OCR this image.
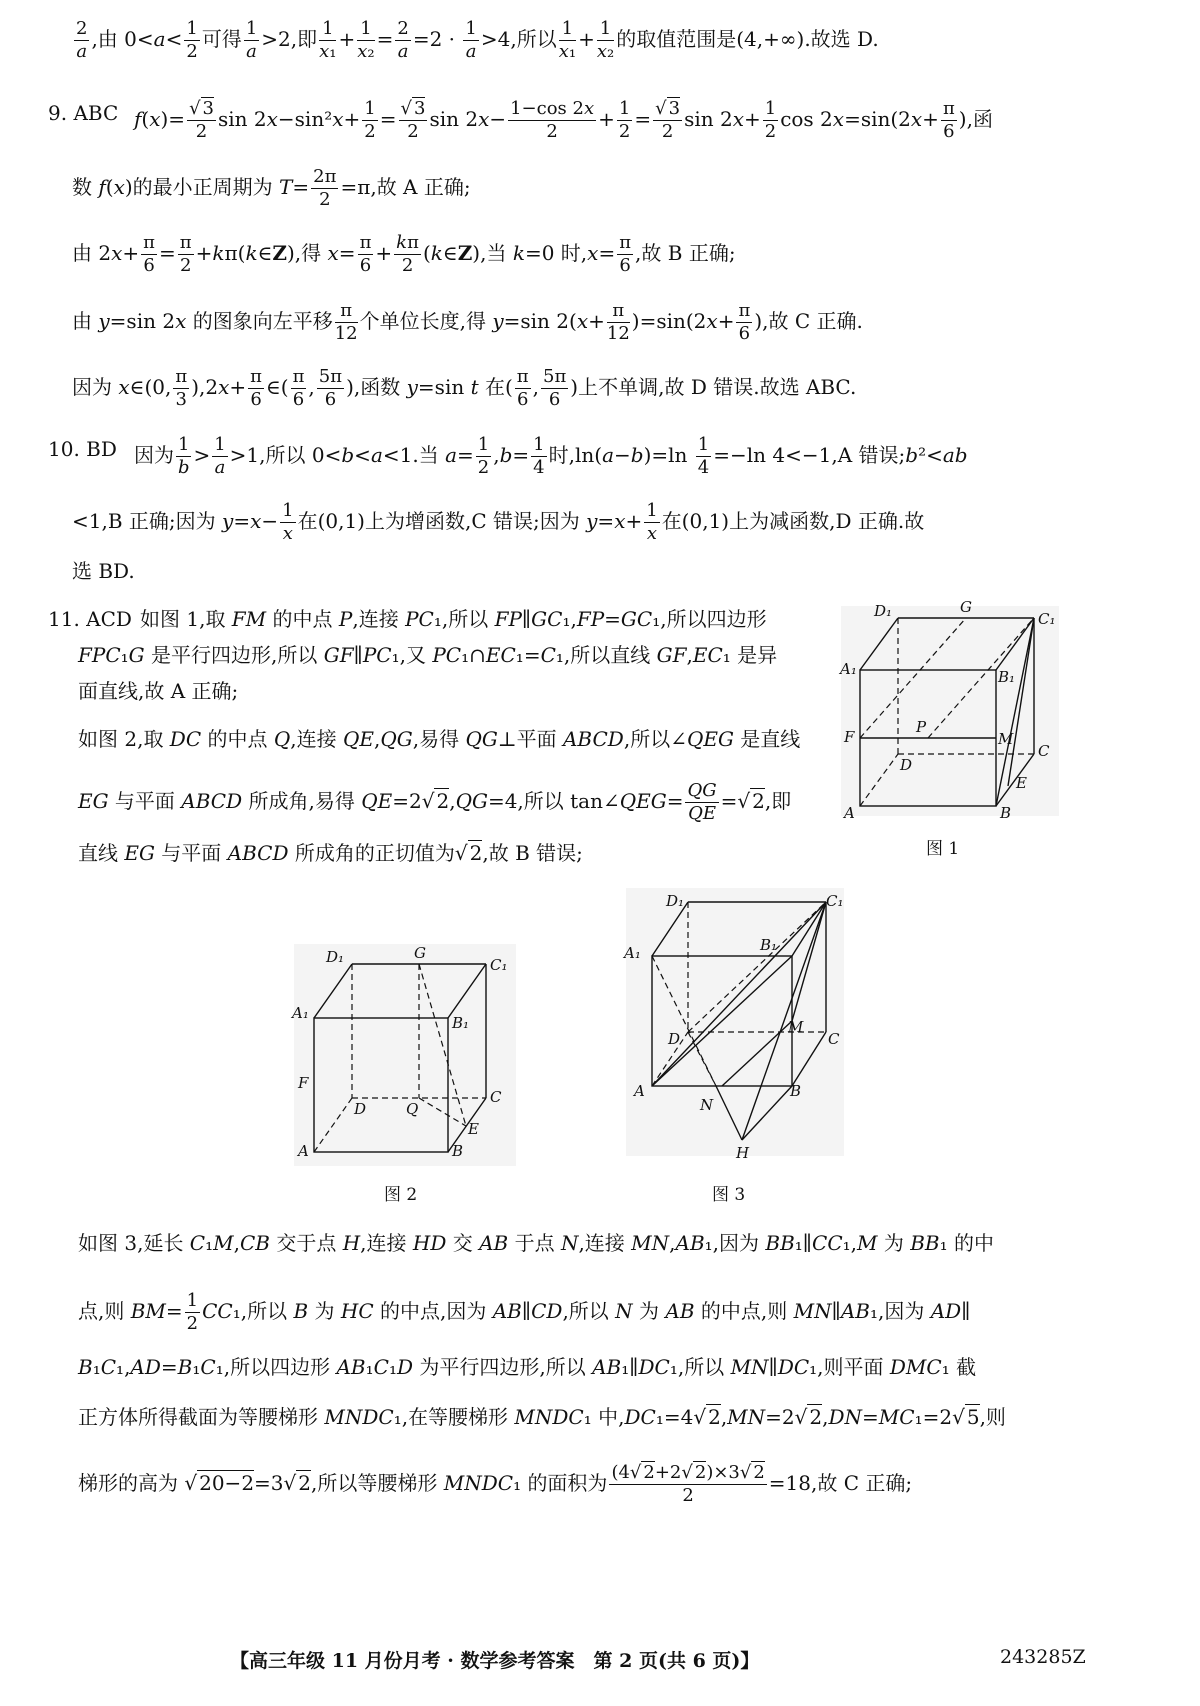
$\frac{2}{a}$ ,由 $0<a< \frac{1}{2}$ 可得 $\frac{1}{a} >2$,即 $\frac{1}{\text{x₁}} + \frac{1}{\text{x₂}} = \frac{2}{a} =2 \cdot \frac{1}{a} >4$,所以 $\frac{1}{\text{x₁}} + \frac{1}{\text{x₂}}$ 的取值范围是(4,+∞).故选 D.
9. ABC $f(x)= \frac{√ 3}{2}$ $\sin 2x-\sin^2x+ \frac{1}{2} = \frac{√ 3}{2}$ $\sin 2x- \frac{1-\cos 2x}{2} + \frac{1}{2} = \frac{√ 3}{2}$ $\sin 2x+ \frac{1}{2}$ $\cos 2x=\sin(2x+ \frac{\pi}{6}$ ),函
数 f(x)的最小正周期为 $T= \frac{2\pi}{2} =\pi$,故 A 正确;
由 $2x+ \frac{\pi}{6} = \frac{\pi}{2}$ +kπ(k∈Z),得 $x= \frac{\pi}{6} + \frac{k\pi}{2}$ (k∈Z),当 k=0 时$,x= \frac{\pi}{6}$ ,故 B 正确;
由 y=sin 2x 的图象向左平移 $\frac{\pi}{12}$ 个单位长度,得 y=sin $2(x+ \frac{\pi}{12} )=\sin(2x+ \frac{\pi}{6}$ ),故 C 正确.
因为 x∈(0, $\frac{\pi}{3} ),2x+ \frac{\pi}{6}$ ∈( $\frac{\pi}{6}$ , $\frac{5\pi}{6}$ ),函数 y=sin t 在( $\frac{\pi}{6}$ , $\frac{5\pi}{6}$ )上不单调,故 D 错误.故选 ABC.
10. BD 因为 $\frac{1}{b} > \frac{1}{a} >1$,所以 0<b<a<1.当 $a= \frac{1}{2} ,b= \frac{1}{4}$ 时$,\ln(a-b)=\ln \frac{1}{4} =-\ln$ 4<−1,A 错误;b²<ab
<1,B 正确;因为 $y=x- \frac{1}{x}$ 在(0,1)上为增函数,C 错误;因为 $y=x+ \frac{1}{x}$ 在(0,1)上为减函数,D 正确.故
选 BD.
11. ACD 如图 1,取 FM 的中点 P,连接 PC₁,所以 FP∥GC₁,FP=GC₁,所以四边形
FPC₁G 是平行四边形,所以 GF∥PC₁,又 PC₁∩EC₁=C₁,所以直线 GF,EC₁ 是异
面直线,故 A 正确;
如图 2,取 DC 的中点 Q,连接 QE,QG,易得 QG⊥平面 ABCD,所以∠QEG 是直线
EG 与平面 ABCD 所成角,易得 QE=2√ 2,QG=4,所以 tan∠QEG= $\frac{QG}{QE}$ =√ 2,即
直线 EG 与平面 ABCD 所成角的正切值为√ 2,故 B 错误;
D₁	G
C₁
A₁	B₁
F
P
M
D
C
E
A	B
图 1
D₁	G
C₁
A₁
B₁
F
D	Q
C
E
A	B
图 2
D₁	C₁
A₁	B₁
M
D	C
A
N
B
H
图 3
如图 3,延长 C₁M,CB 交于点 H,连接 HD 交 AB 于点 N,连接 MN,AB₁,因为 BB₁∥CC₁,M 为 BB₁ 的中
点,则 $BM= \frac{1}{2} CC_1$,所以 B 为 HC 的中点,因为 AB∥CD,所以 N 为 AB 的中点,则 MN∥AB₁,因为 AD∥
B₁C₁,AD=B₁C₁,所以四边形 AB₁C₁D 为平行四边形,所以 AB₁∥DC₁,所以 MN∥DC₁,则平面 DMC₁ 截
正方体所得截面为等腰梯形 MNDC₁,在等腰梯形 MNDC₁ 中,DC₁=4√ 2,MN=2√ 2,DN=MC₁=2√ 5,则
梯形的高为 √ 20−2=3√ 2,所以等腰梯形 MNDC₁ 的面积为 $\frac{(4√ 2+2√ 2)\times 3√ 2}{2} =18$,故 C 正确;
【高三年级 11 月份月考 · 数学参考答案　第 2 页(共 6 页)】	243285Z
